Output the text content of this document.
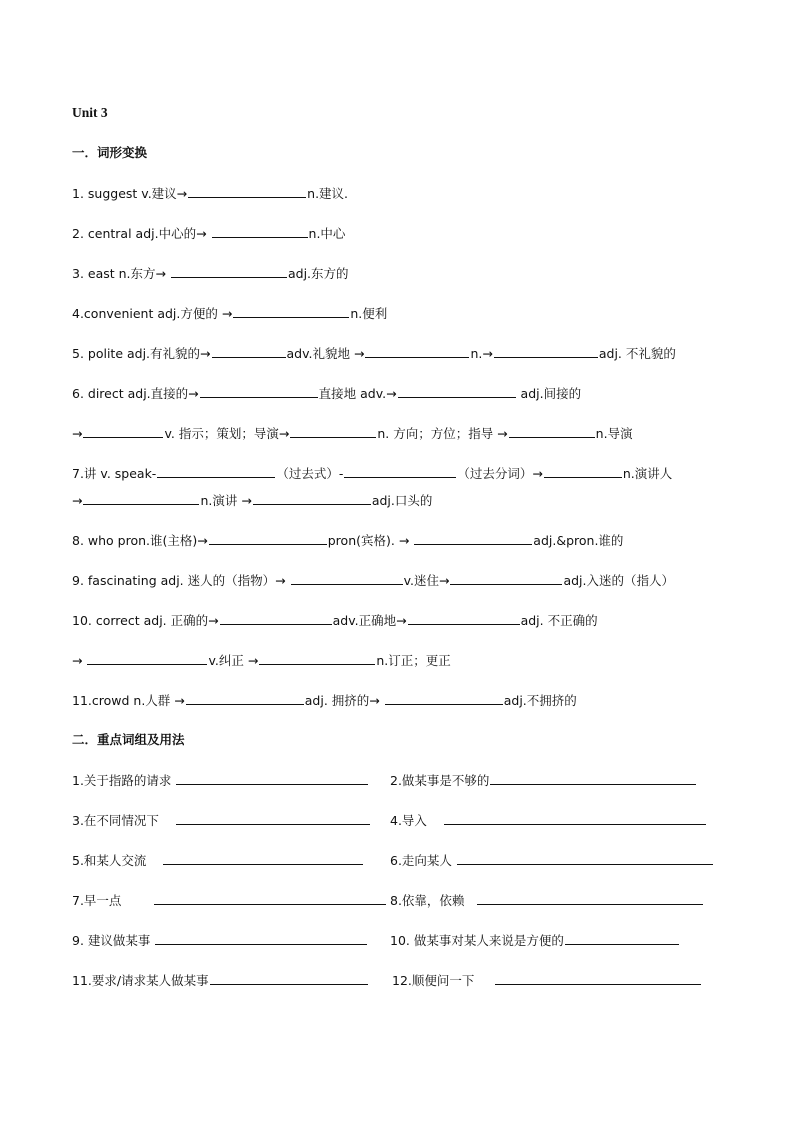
Unit 3
一．词形变换
1. suggest v.建议→	n.建议.
2. central adj.中心的→	n.中心
3. east n.东方→	adj.东方的
4.convenient adj.方便的 →	n.便利
5. polite adj.有礼貌的→	adv.礼貌地 →	n.→	adj. 不礼貌的
6. direct adj.直接的→	直接地 adv.→	adj.间接的
→	v. 指示；策划；导演→	n. 方向；方位；指导 →	n.导演
7.讲 v. speak-	（过去式）-	（过去分词）→	n.演讲人
→	n.演讲 →	adj.口头的
8. who pron.谁(主格)→	pron(宾格). →	adj.&pron.谁的
9. fascinating adj. 迷人的（指物）→	v.迷住→	adj.入迷的（指人）
10. correct adj. 正确的→	adv.正确地→	adj. 不正确的
→	v.纠正 →	n.订正；更正
11.crowd n.人群 →	adj. 拥挤的→	adj.不拥挤的
二．重点词组及用法
1.关于指路的请求	2.做某事是不够的
3.在不同情况下	4.导入
5.和某人交流	6.走向某人
7.早一点	8.依靠，依赖
9. 建议做某事	10. 做某事对某人来说是方便的
11.要求/请求某人做某事	12.顺便问一下
